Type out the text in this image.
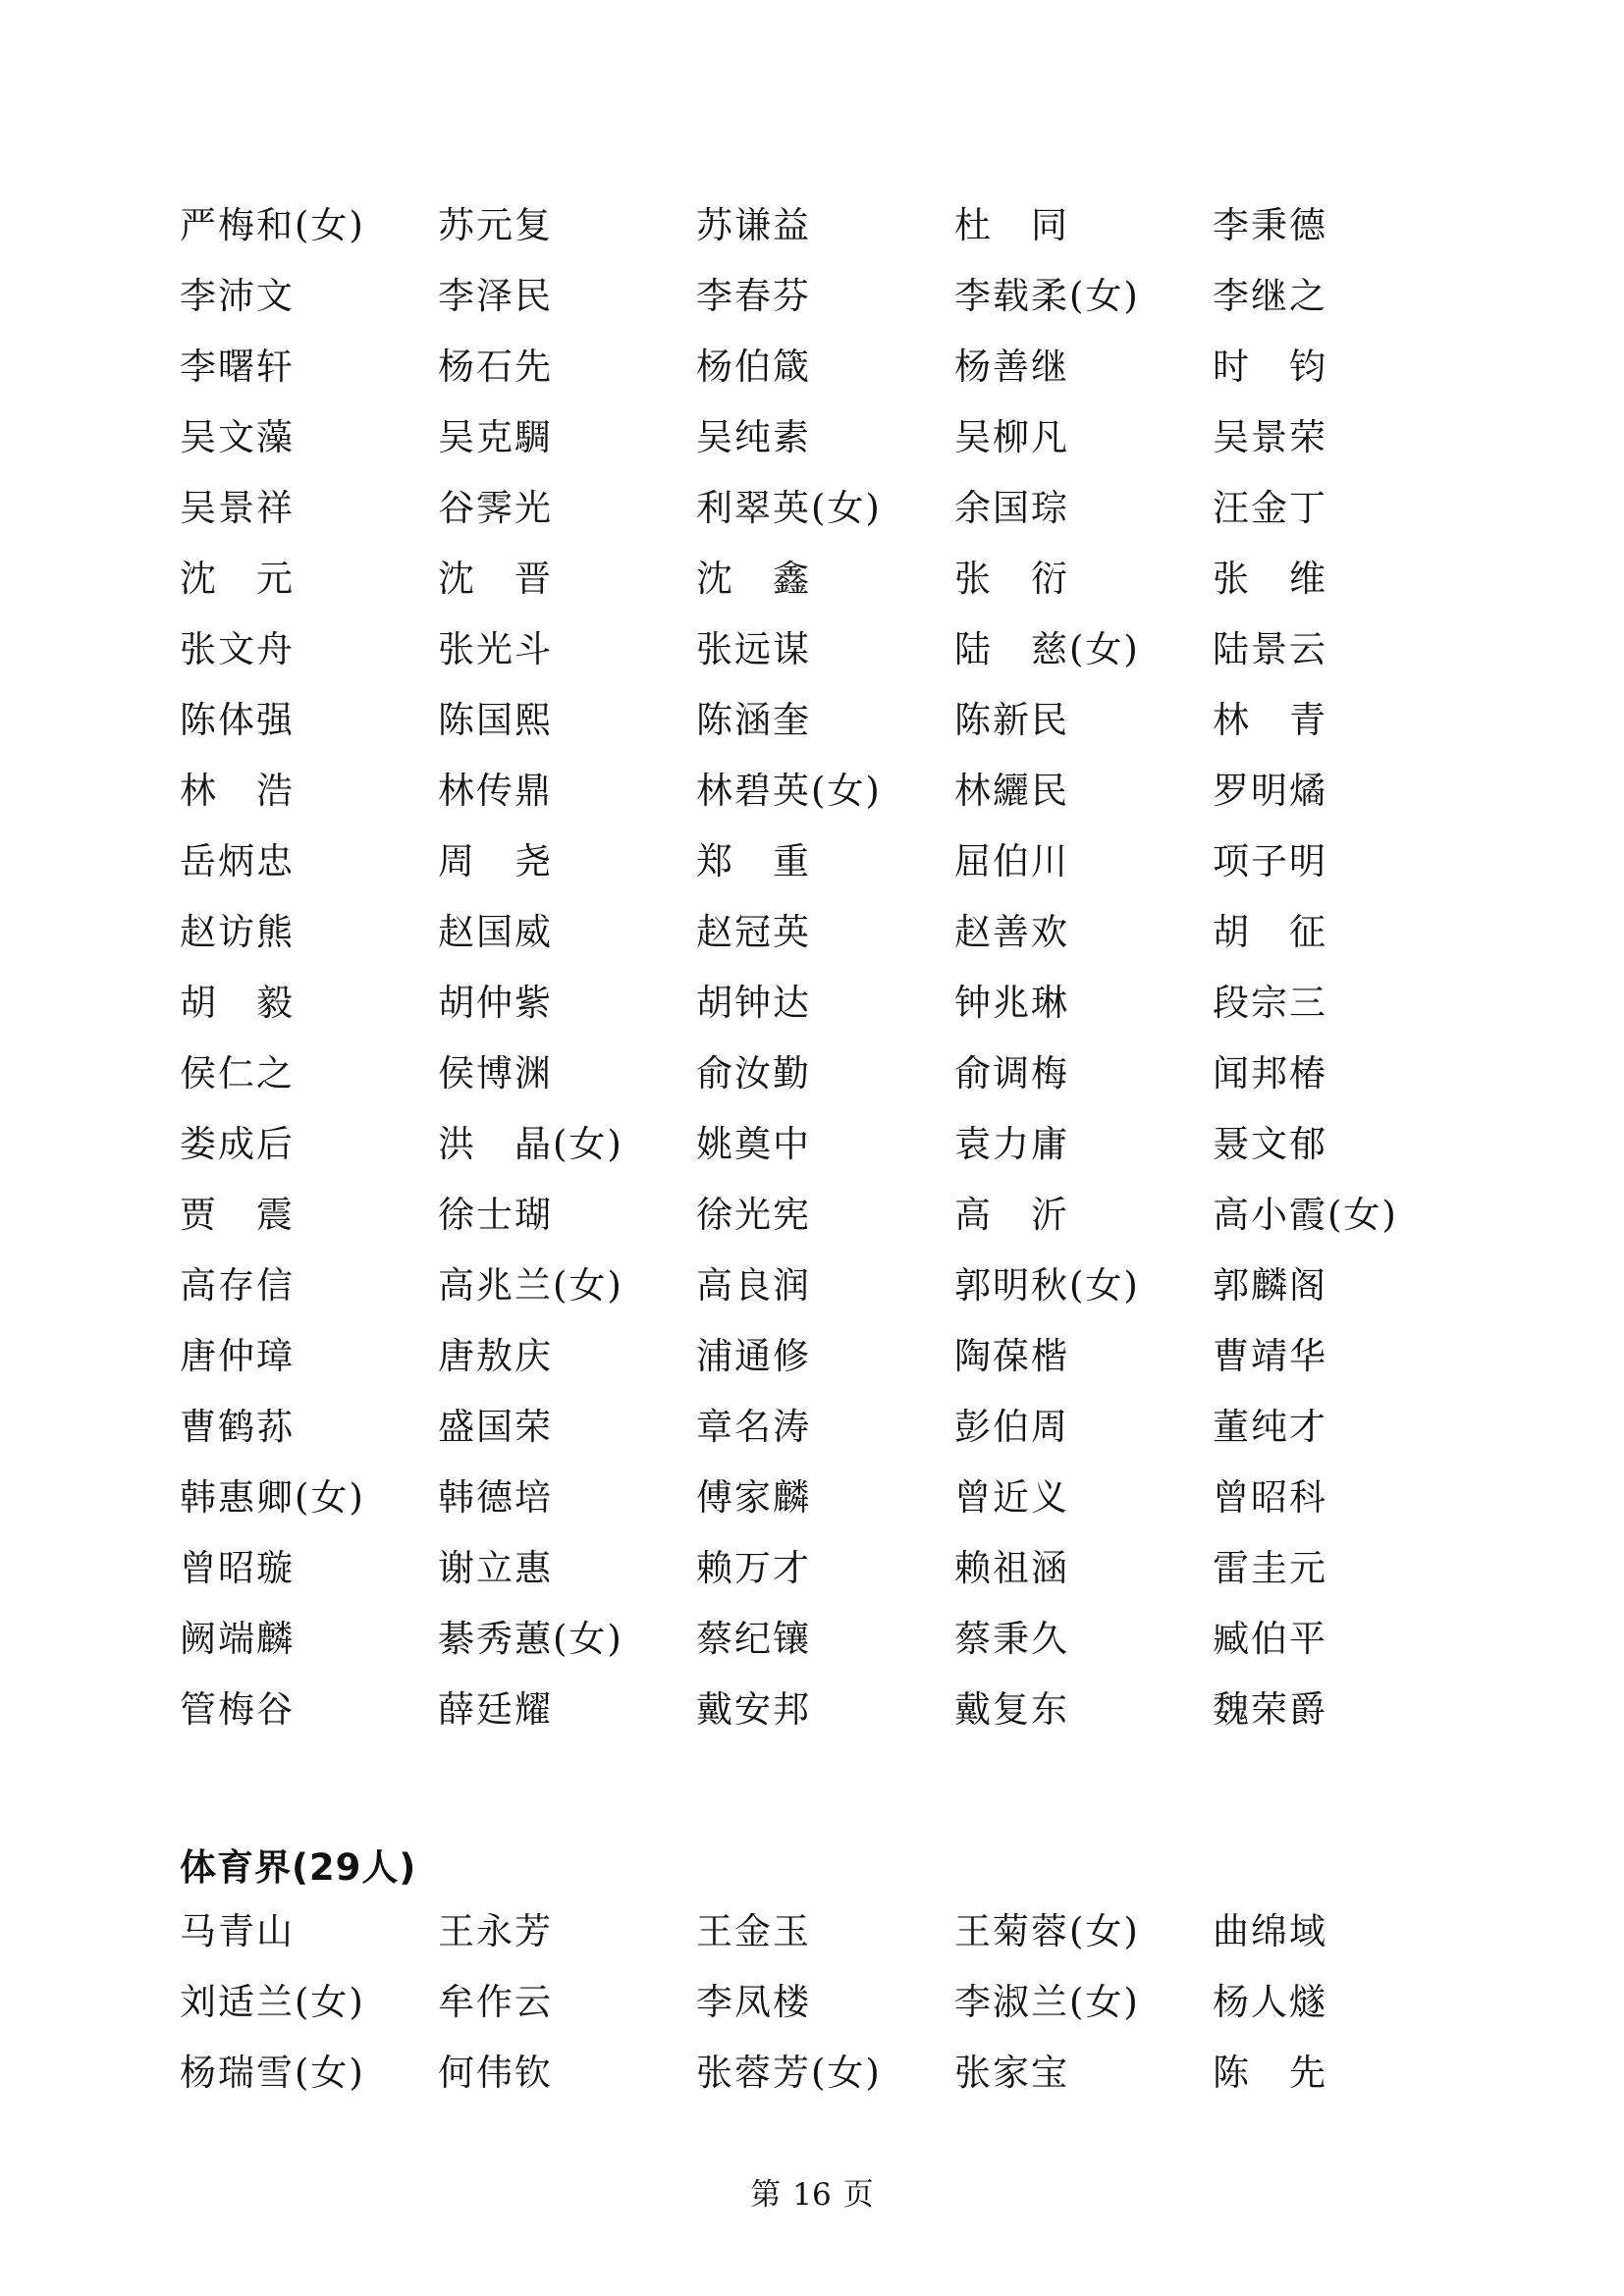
严梅和(女)	苏元复	苏谦益	杜　同	李秉德
李沛文	李泽民	李春芬	李载柔(女)	李继之
李曙轩	杨石先	杨伯箴	杨善继	时　钧
吴文藻	吴克騆	吴纯素	吴柳凡	吴景荣
吴景祥	谷霁光	利翠英(女)	余国琮	汪金丁
沈　元	沈　晋	沈　鑫	张　衍	张　维
张文舟	张光斗	张远谋	陆　慈(女)	陆景云
陈体强	陈国熙	陈涵奎	陈新民	林　青
林　浩	林传鼎	林碧英(女)	林纚民	罗明燏
岳炳忠	周　尧	郑　重	屈伯川	项子明
赵访熊	赵国威	赵冠英	赵善欢	胡　征
胡　毅	胡仲紫	胡钟达	钟兆琳	段宗三
侯仁之	侯博渊	俞汝勤	俞调梅	闻邦椿
娄成后	洪　晶(女)	姚奠中	袁力庸	聂文郁
贾　震	徐士瑚	徐光宪	高　沂	高小霞(女)
高存信	高兆兰(女)	高良润	郭明秋(女)	郭麟阁
唐仲璋	唐敖庆	浦通修	陶葆楷	曹靖华
曹鹤荪	盛国荣	章名涛	彭伯周	董纯才
韩惠卿(女)	韩德培	傅家麟	曾近义	曾昭科
曾昭璇	谢立惠	赖万才	赖祖涵	雷圭元
阙端麟	綦秀蕙(女)	蔡纪镶	蔡秉久	臧伯平
管梅谷	薛廷耀	戴安邦	戴复东	魏荣爵
体育界(29人)
马青山	王永芳	王金玉	王菊蓉(女)	曲绵域
刘适兰(女)	牟作云	李凤楼	李淑兰(女)	杨人燧
杨瑞雪(女)	何伟钦	张蓉芳(女)	张家宝	陈　先
第 16 页
